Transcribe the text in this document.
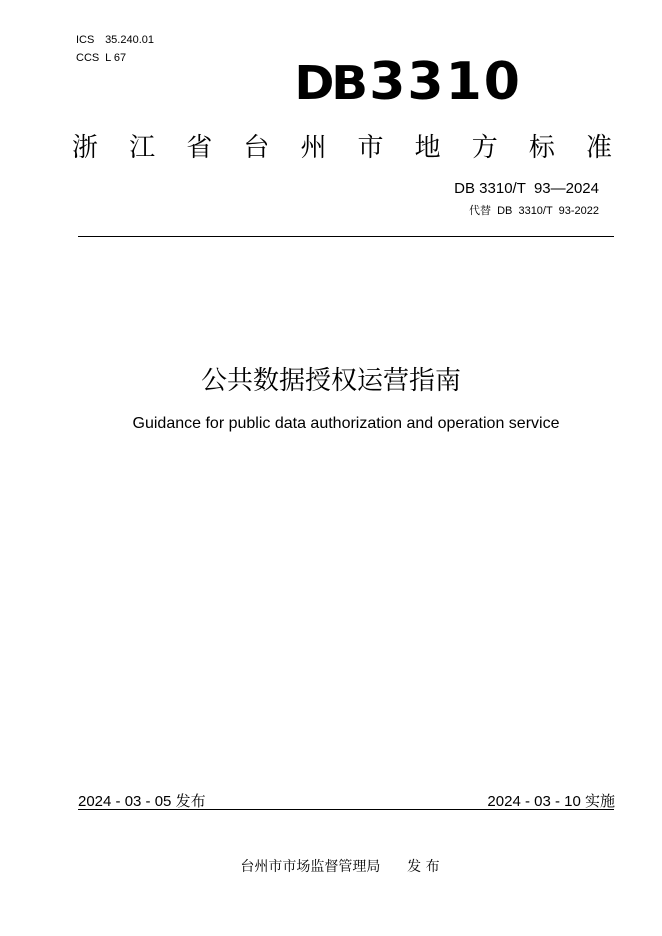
ICS 35.240.01
CCS L 67	DB 3310
浙 江 省 台 州 市 地 方 标 准
DB 3310/T  93—2024
代替  DB  3310/T  93-2022
公共数据授权运营指南
Guidance for public data authorization and operation service
2024 - 03 - 05 发布	2024 - 03 - 10 实施
台州市市场监督管理局      发 布
